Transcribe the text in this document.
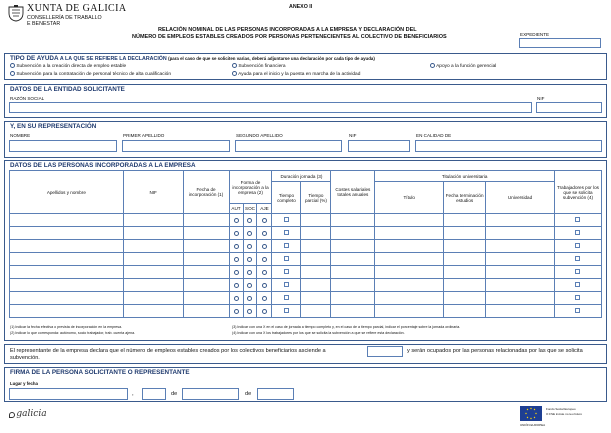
XUNTA DE GALICIA
CONSELLERÍA DE TRABALLO
E BENESTAR
ANEXO II
RELACIÓN NOMINAL DE LAS PERSONAS INCORPORADAS A LA EMPRESA Y DECLARACIÓN DEL
NÚMERO DE EMPLEOS ESTABLES CREADOS POR PERSONAS PERTENECIENTES AL COLECTIVO DE BENEFICIARIOS	EXPEDIENTE
TIPO DE AYUDA A LA QUE SE REFIERE LA DECLARACIÓN (para el caso de que se soliciten varias, deberá adjuntarse una declaración por cada tipo de ayuda)
Subvención a la creación directa de empleo estable	Subvención financiera	Apoyo a la función gerencial
Subvención para la contratación de personal técnico de alta cualificación	Ayuda para el inicio y la puesta en marcha de la actividad
DATOS DE LA ENTIDAD SOLICITANTE
RAZÓN SOCIAL	NIF
Y, EN SU REPRESENTACIÓN
NOMBRE	PRIMER APELLIDO	SEGUNDO APELLIDO	NIF	EN CALIDAD DE
DATOS DE LAS PERSONAS INCORPORADAS A LA EMPRESA
Apellidos y nombre	NIF	Fecha de incorporación (1)	Forma de incorporación a la empresa (2)			Duración jornada (3)		Costes salariales totales anuales	Titulación universitaria			Trabajadores por los que se solicita subvención (4)
						Tiempo completo	Tiempo parcial (%)		Título	Fecha terminación estudios	Universidad	
			AUT	SOC	AJE							

(1) Indicar la fecha efectiva o prevista de incorporación en la empresa.
(2) Indicar lo que corresponda: autónomo, socio trabajador, trab. cuenta ajena.
(3) Indicar con una X en el caso de jornada a tiempo completo y, en el caso de a tiempo parcial, indicar el porcentaje sobre la jornada ordinaria.
(4) Indicar con una X los trabajadores por los que se solicita la subvención a que se refiere esta declaración.
El representante de la empresa declara que el número de empleos estables creados por los colectivos beneficiarios asciende a	y serán ocupados por las personas relacionadas por las que se solicita
subvención.
FIRMA DE LA PERSONA SOLICITANTE O REPRESENTANTE
Lugar y fecha
,	de	de
galicia
UNIÓN EUROPEA
Fondo Social Europeo
O FSE inviste no teu futuro
